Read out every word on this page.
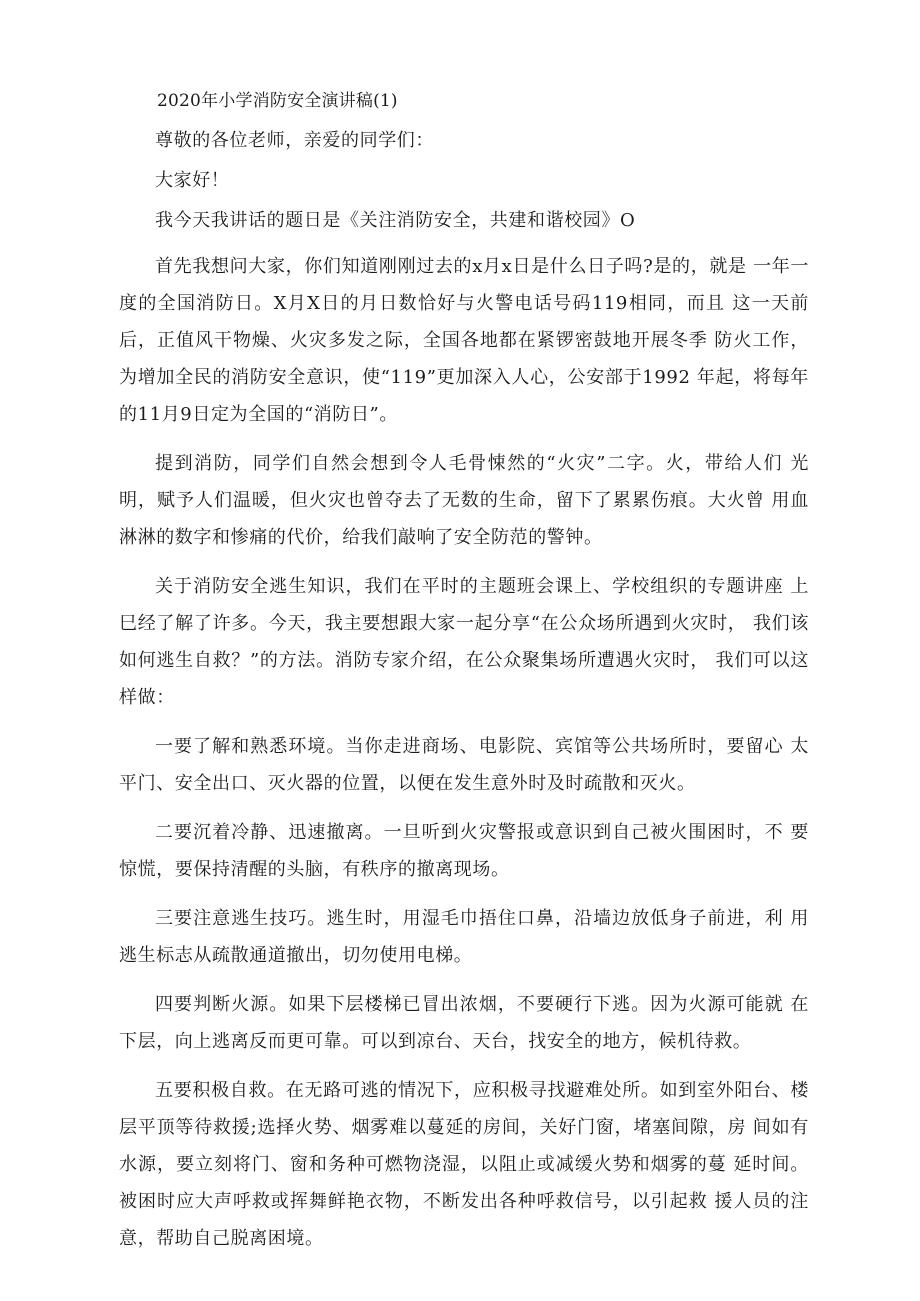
2020年小学消防安全演讲稿(1)

尊敬的各位老师，亲爱的同学们：

大家好！

我今天我讲话的题日是《关注消防安全，共建和谐校园》O

首先我想问大家，你们知道刚刚过去的x月x日是什么日子吗?是的，就是 一年一度的全国消防日。X月X日的月日数恰好与火警电话号码119相同，而且 这一天前后，正值风干物燥、火灾多发之际，全国各地都在紧锣密鼓地开展冬季 防火工作，为增加全民的消防安全意识，使“119”更加深入人心，公安部于1992 年起，将每年的11月9日定为全国的“消防日”。

提到消防，同学们自然会想到令人毛骨悚然的“火灾”二字。火，带给人们 光明，赋予人们温暖，但火灾也曾夺去了无数的生命，留下了累累伤痕。大火曾 用血淋淋的数字和惨痛的代价，给我们敲响了安全防范的警钟。

关于消防安全逃生知识，我们在平时的主题班会课上、学校组织的专题讲座 上巳经了解了许多。今天，我主要想跟大家一起分享“在公众场所遇到火灾时， 我们该如何逃生自救？”的方法。消防专家介绍，在公众聚集场所遭遇火灾时， 我们可以这样做：

一要了解和熟悉环境。当你走进商场、电影院、宾馆等公共场所时，要留心 太平门、安全出口、灭火器的位置，以便在发生意外时及时疏散和灭火。

二要沉着冷静、迅速撤离。一旦听到火灾警报或意识到自己被火围困时，不 要惊慌，要保持清醒的头脑，有秩序的撤离现场。

三要注意逃生技巧。逃生时，用湿毛巾捂住口鼻，沿墙边放低身子前进，利 用逃生标志从疏散通道撤出，切勿使用电梯。

四要判断火源。如果下层楼梯已冒出浓烟，不要硬行下逃。因为火源可能就 在下层，向上逃离反而更可靠。可以到凉台、天台，找安全的地方，候机待救。

五要积极自救。在无路可逃的情况下，应积极寻找避难处所。如到室外阳台、楼层平顶等待救援;选择火势、烟雾难以蔓延的房间，关好门窗，堵塞间隙，房 间如有水源，要立刻将门、窗和务种可燃物浇湿，以阻止或减缓火势和烟雾的蔓 延时间。被困时应大声呼救或挥舞鲜艳衣物，不断发出各种呼救信号，以引起救 援人员的注意，帮助自己脱离困境。
